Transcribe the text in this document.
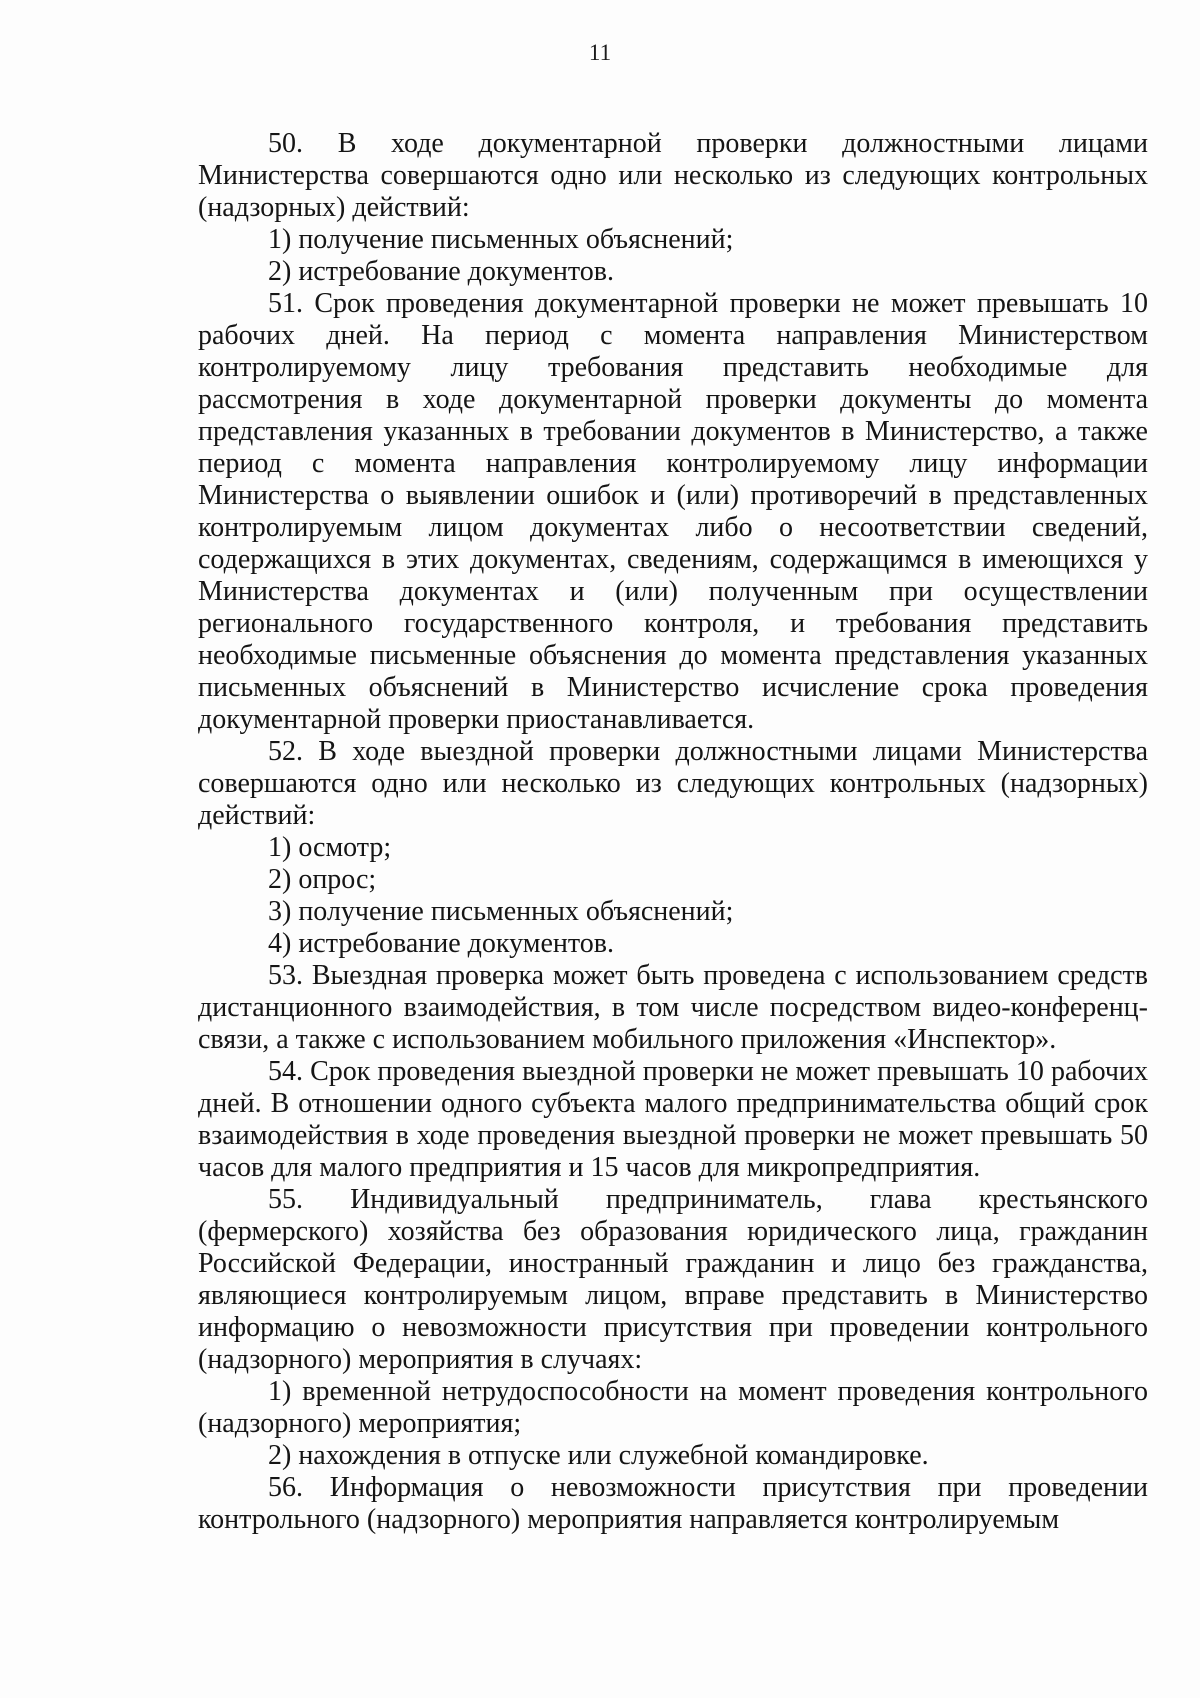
11

50. В ходе документарной проверки должностными лицами Министерства совершаются одно или несколько из следующих контрольных (надзорных) действий:

1) получение письменных объяснений;

2) истребование документов.

51. Срок проведения документарной проверки не может превышать 10 рабочих дней. На период с момента направления Министерством контролируемому лицу требования представить необходимые для рассмотрения в ходе документарной проверки документы до момента представления указанных в требовании документов в Министерство, а также период с момента направления контролируемому лицу информации Министерства о выявлении ошибок и (или) противоречий в представленных контролируемым лицом документах либо о несоответствии сведений, содержащихся в этих документах, сведениям, содержащимся в имеющихся у Министерства документах и (или) полученным при осуществлении регионального государственного контроля, и требования представить необходимые письменные объяснения до момента представления указанных письменных объяснений в Министерство исчисление срока проведения документарной проверки приостанавливается.

52. В ходе выездной проверки должностными лицами Министерства совершаются одно или несколько из следующих контрольных (надзорных) действий:

1) осмотр;

2) опрос;

3) получение письменных объяснений;

4) истребование документов.

53. Выездная проверка может быть проведена с использованием средств дистанционного взаимодействия, в том числе посредством видео-конференц-связи, а также с использованием мобильного приложения «Инспектор».

54. Срок проведения выездной проверки не может превышать 10 рабочих дней. В отношении одного субъекта малого предпринимательства общий срок взаимодействия в ходе проведения выездной проверки не может превышать 50 часов для малого предприятия и 15 часов для микропредприятия.

55. Индивидуальный предприниматель, глава крестьянского (фермерского) хозяйства без образования юридического лица, гражданин Российской Федерации, иностранный гражданин и лицо без гражданства, являющиеся контролируемым лицом, вправе представить в Министерство информацию о невозможности присутствия при проведении контрольного (надзорного) мероприятия в случаях:

1) временной нетрудоспособности на момент проведения контрольного (надзорного) мероприятия;

2) нахождения в отпуске или служебной командировке.

56. Информация о невозможности присутствия при проведении контрольного (надзорного) мероприятия направляется контролируемым
